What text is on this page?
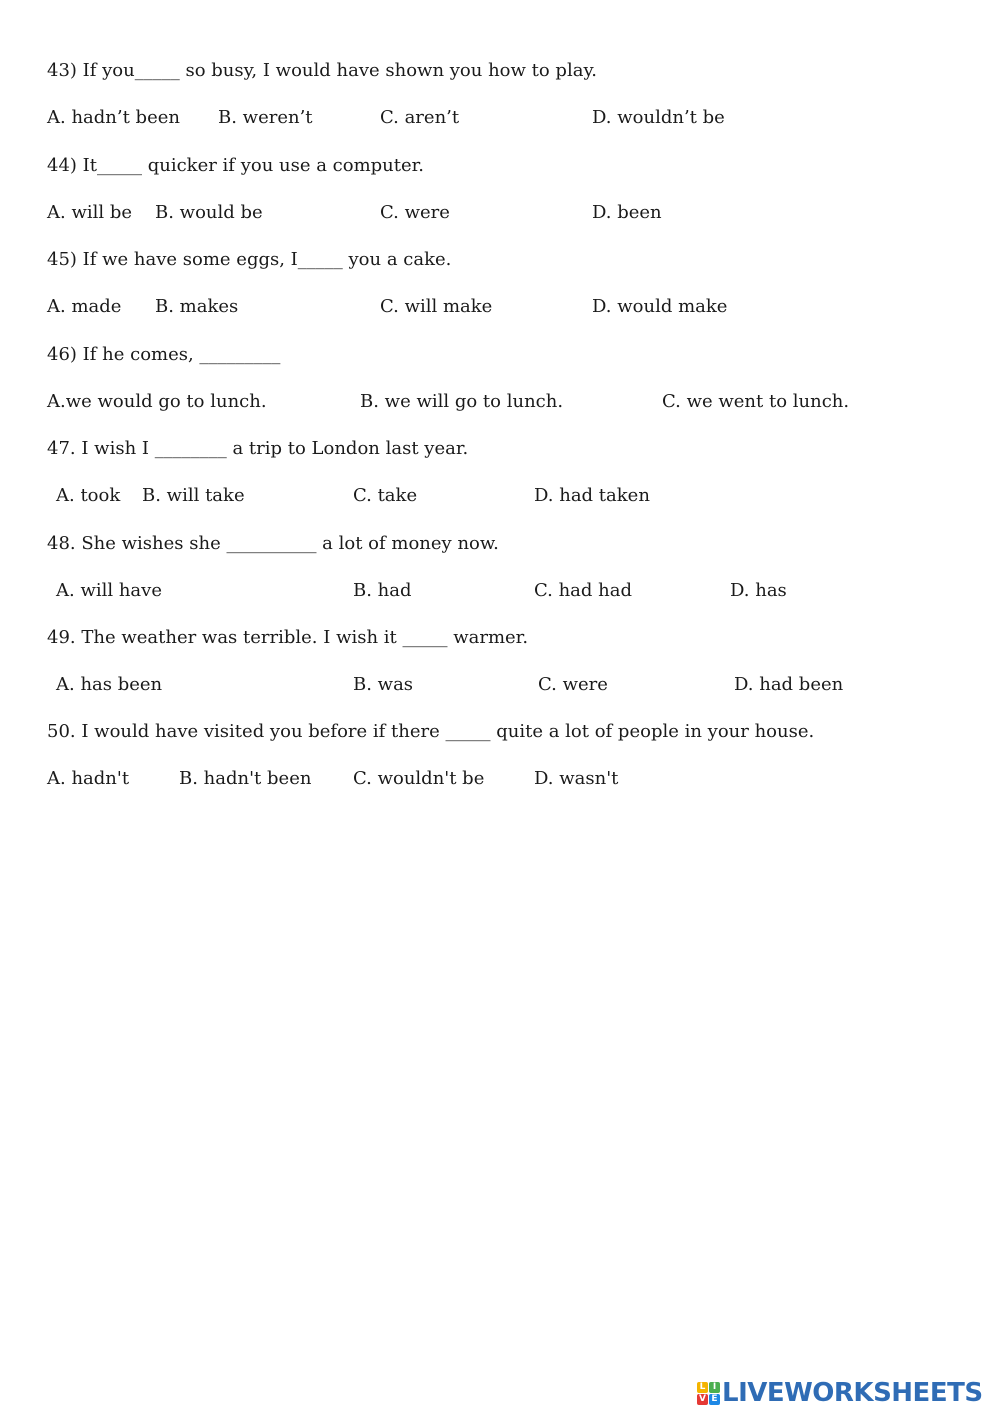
43) If you_____ so busy, I would have shown you how to play.
A. hadn’t been B. weren’t	C. aren’t	D. wouldn’t be
44) It_____ quicker if you use a computer.
A. will be B. would be	C. were	D. been
45) If we have some eggs, I_____ you a cake.
A. made B. makes	C. will make	D. would make
46) If he comes, _________
A.we would go to lunch.	B. we will go to lunch.	C. we went to lunch.
47. I wish I ________ a trip to London last year.
A. took B. will take	C. take	D. had taken
48. She wishes she __________ a lot of money now.
A. will have	B. had	C. had had	D. has
49. The weather was terrible. I wish it _____ warmer.
A. has been	B. was	C. were	D. had been
50. I would have visited you before if there _____ quite a lot of people in your house.
A. hadn't	B. hadn't been C. wouldn't be	D. wasn't
L I
V E LIVEWORKSHEETS
